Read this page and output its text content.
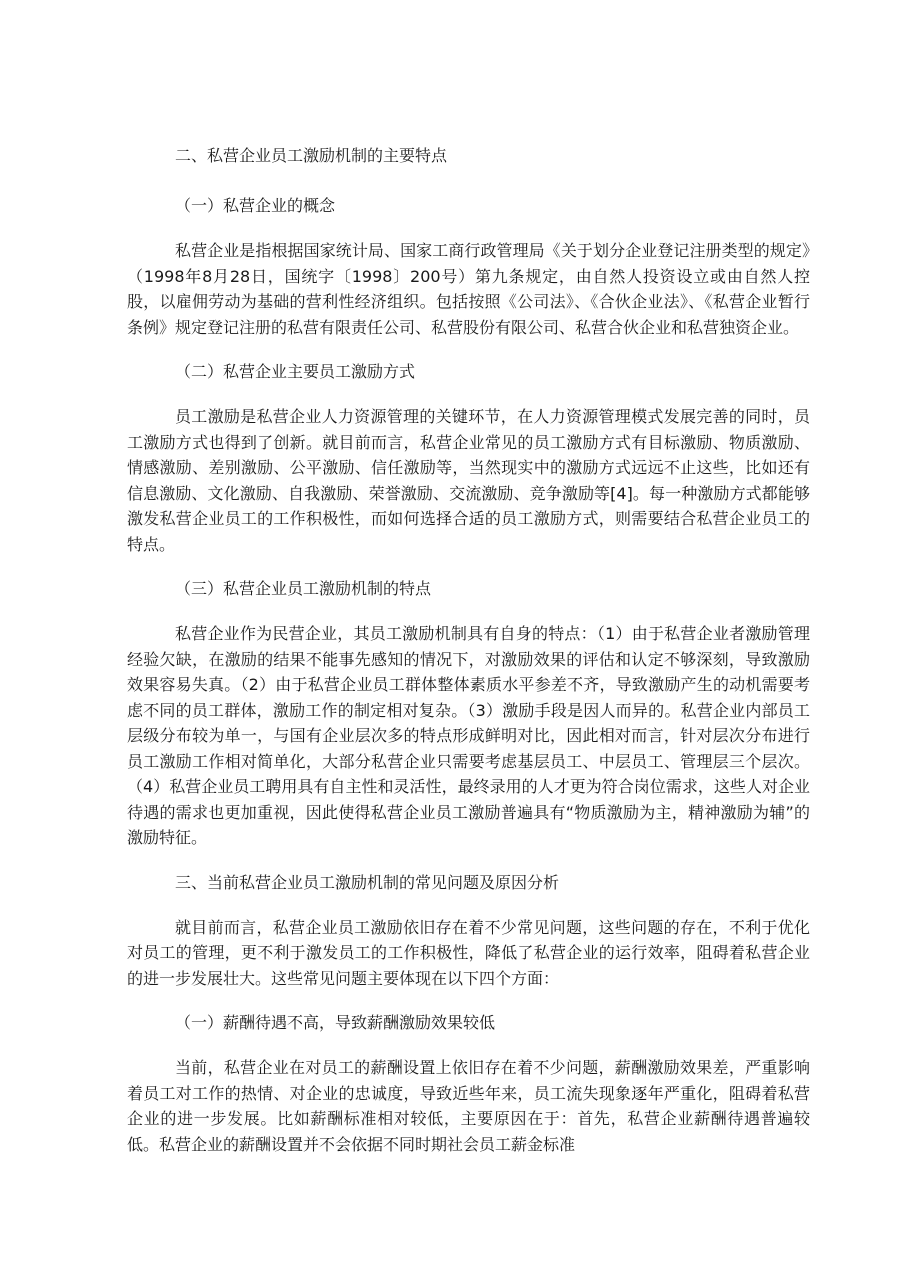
二、私营企业员工激励机制的主要特点
（一）私营企业的概念

私营企业是指根据国家统计局、国家工商行政管理局《关于划分企业登记注册类型的规定》（1998年8月28日，国统字〔1998〕200号）第九条规定，由自然人投资设立或由自然人控股，以雇佣劳动为基础的营利性经济组织。包括按照《公司法》、《合伙企业法》、《私营企业暂行条例》规定登记注册的私营有限责任公司、私营股份有限公司、私营合伙企业和私营独资企业。

（二）私营企业主要员工激励方式

员工激励是私营企业人力资源管理的关键环节，在人力资源管理模式发展完善的同时，员工激励方式也得到了创新。就目前而言，私营企业常见的员工激励方式有目标激励、物质激励、情感激励、差别激励、公平激励、信任激励等，当然现实中的激励方式远远不止这些，比如还有信息激励、文化激励、自我激励、荣誉激励、交流激励、竞争激励等[4]。每一种激励方式都能够激发私营企业员工的工作积极性，而如何选择合适的员工激励方式，则需要结合私营企业员工的特点。

（三）私营企业员工激励机制的特点

私营企业作为民营企业，其员工激励机制具有自身的特点：（1）由于私营企业者激励管理经验欠缺，在激励的结果不能事先感知的情况下，对激励效果的评估和认定不够深刻，导致激励效果容易失真。（2）由于私营企业员工群体整体素质水平参差不齐，导致激励产生的动机需要考虑不同的员工群体，激励工作的制定相对复杂。（3）激励手段是因人而异的。私营企业内部员工层级分布较为单一，与国有企业层次多的特点形成鲜明对比，因此相对而言，针对层次分布进行员工激励工作相对简单化，大部分私营企业只需要考虑基层员工、中层员工、管理层三个层次。（4）私营企业员工聘用具有自主性和灵活性，最终录用的人才更为符合岗位需求，这些人对企业待遇的需求也更加重视，因此使得私营企业员工激励普遍具有“物质激励为主，精神激励为辅”的激励特征。

三、当前私营企业员工激励机制的常见问题及原因分析

就目前而言，私营企业员工激励依旧存在着不少常见问题，这些问题的存在，不利于优化对员工的管理，更不利于激发员工的工作积极性，降低了私营企业的运行效率，阻碍着私营企业的进一步发展壮大。这些常见问题主要体现在以下四个方面：

（一）薪酬待遇不高，导致薪酬激励效果较低

当前，私营企业在对员工的薪酬设置上依旧存在着不少问题，薪酬激励效果差，严重影响着员工对工作的热情、对企业的忠诚度，导致近些年来，员工流失现象逐年严重化，阻碍着私营企业的进一步发展。比如薪酬标准相对较低，主要原因在于：首先，私营企业薪酬待遇普遍较低。私营企业的薪酬设置并不会依据不同时期社会员工薪金标准
